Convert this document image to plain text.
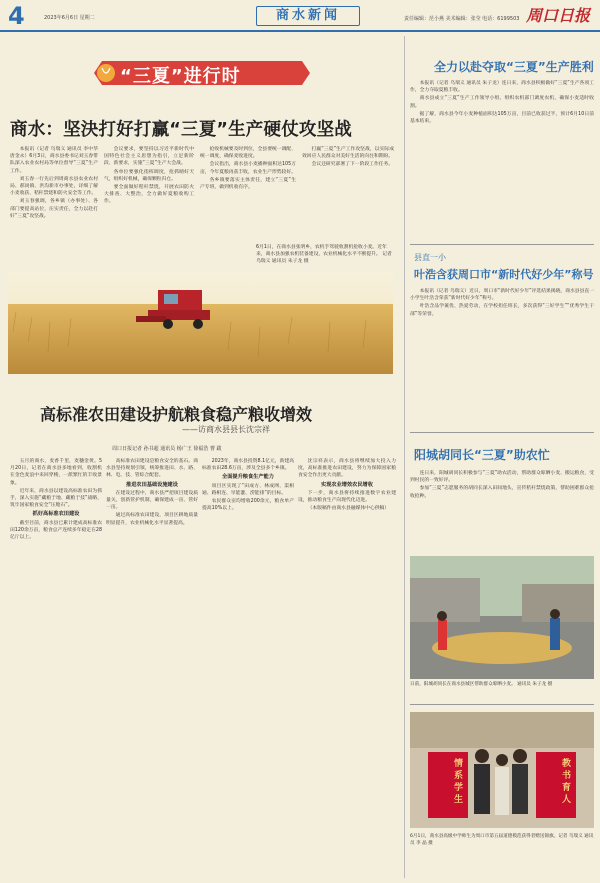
4	2023年6月6日 星期二	商水新闻	责任编辑：范小燕 美术编辑：张莹 电话：6199503 周口日报
“三夏”进行时
商水：坚決打好打赢“三夏”生产硬仗攻坚战

本报讯（记者 乌瑞义 通讯员 李中华 唐金永）6月3日，商水县委书记刘玉春带队深入农业农村局等单位督导“三夏”生产工作。

刘玉春一行先后到周商水县农业农村局、郝岗镇、洪沟新市办事处，详细了解小麦收获、秸秆禁烧和防火安全等工作。

刘玉春强调，各乡镇（办事处）、各部门要提高站位，压实责任，全力以赴打好“三夏”攻坚战。

会议要求，要坚持以习近平新时代中国特色社会主义思想为指引，立足新阶段、新要求，实施“三夏”生产大会战。

各单位要强化指挥调度，抢抓晴好天气，组织好机械，确保颗粒归仓。

要全面做好秸秆禁烧，开展农田防火大排查、大整治，全力做好夏粮收购工作。

抢收机械要及时到位，全县要统一调配、统一调度，确保麦收进度。

会议指出，商水县小麦播种面积达105万亩，今年夏粮再获丰收，农业生产形势较好。

各乡镇要落实主体责任，建立“三夏”生产专班，做到机收有序。

打赢“三夏”生产工作攻坚战，以实际成效回应人民群众对美好生活的向往和期盼。

会议还研究部署了下一阶段工作任务。

6月1日，在商水县张明乡，农机手驾驶收割机抢收小麦。近年来，商水县加强农机装备建设，农业机械化水平不断提升。 记者 乌瑞义 通讯员 朱子龙 摄
高标准农田建设护航粮食稳产粮收增效
——访商水县县长沈宗祥
周口日报记者 孙书超 通讯员 杨广王 徐福浩 曹 跋

五月的商水，麦香千里，麦穗金黄。5月20日，记者在商水县多地看到，收割机在金色麦浪中来回穿梭，一派繁忙的丰收景象。

近年来，商水县以建设高标准农田为抓手，深入实施“藏粮于地、藏粮于技”战略，筑牢国家粮食安全“压舱石”。

抓好高标准农田建设

截至目前，商水县已累计建成高标准农田120余万亩，粮食总产连续多年稳定在28亿斤以上。

高标准农田建设是粮食安全的基石。商水县坚持规划引领，统筹推进田、水、路、林、电、技、管综合配套。

推进农田基础设施建设

在建设过程中，商水县严把项目建设质量关，创新管护机制，确保建成一亩、管好一亩。

通过高标准农田建设，项目区耕地质量明显提升，农业机械化水平显著提高。

2023年，商水县投资8.1亿元，新建高标准农田28.6万亩，涉及全县多个乡镇。

全面提升粮食生产能力

项目区实现了“田成方、林成网、渠相通、路相连、旱能灌、涝能排”的目标。

农民群众亩均增收200余元，粮食单产提高10%以上。

沈宗祥表示，商水县将继续加大投入力度，高标准推进农田建设，努力为保障国家粮食安全作出更大贡献。

实现农业增效农民增收

下一步，商水县将持续推进数字农业建设，推动粮食生产向现代化迈进。

（本版稿件由商水县融媒体中心供稿）

全力以赴夺取“三夏”生产胜利

本报讯（记者 乌瑞义 通讯员 朱子龙）连日来，商水县积极做好“三夏”生产各项工作，全力夺取夏粮丰收。

商水县成立“三夏”生产工作领导小组，组织农机部门调度农机，确保小麦适时收割。

据了解，商水县今年小麦种植面积达105万亩，目前已收获过半，预计6月10日前基本结束。

县直一小
叶浩含获周口市“新时代好少年”称号

本报讯（记者 乌瑞义）近日，周口市“新时代好少年”评选结果揭晓，商水县县直一小学生叶浩含荣获“新时代好少年”称号。

叶浩含品学兼优、热爱劳动，在学校担任班长，多次获得“三好学生”“优秀学生干部”等荣誉。

阳城胡同长“三夏”助农忙

连日来，阳城胡同长积极参与“三夏”助农活动，帮助群众晾晒小麦、搬运粮食，受到村民的一致好评。

参加“三夏”志愿服务的胡同长深入田间地头，宣传秸秆禁烧政策，帮助困难群众抢收抢种。

日前，阳城胡同长在商水县城区帮助群众晾晒小麦。 通讯员 朱子龙 摄
情系学生	教书育人
6月1日，商水县高级中学师生为周口市第五届道德模范获得者赠送锦旗。记者 乌瑞义 通讯员 李 晶 摄
